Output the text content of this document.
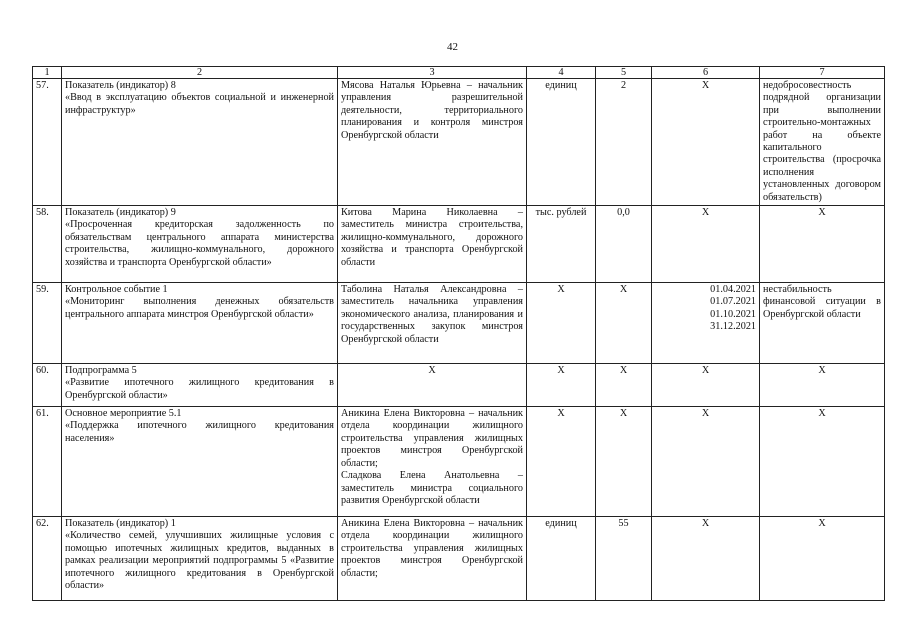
42
1	2	3	4	5	6	7
57.	Показатель (индикатор) 8
«Ввод в эксплуатацию объектов социальной и инженерной инфраструктур»	Мясова Наталья Юрьевна – начальник управления разрешительной деятельности, территориального планирования и контроля минстроя Оренбургской области	единиц	2	X	недобросовестность подрядной организации при выполнении строительно-монтажных работ на объекте капитального строительства (просрочка исполнения установленных договором обязательств)
58.	Показатель (индикатор) 9
«Просроченная кредиторская задолженность по обязательствам центрального аппарата министерства строительства, жилищно-коммунального, дорожного хозяйства и транспорта Оренбургской области»	Китова Марина Николаевна – заместитель министра строительства, жилищно-коммунального, дорожного хозяйства и транспорта Оренбургской области	тыс. рублей	0,0	X	X
59.	Контрольное событие 1
«Мониторинг выполнения денежных обязательств центрального аппарата минстроя Оренбургской области»	Таболина Наталья Александровна – заместитель начальника управления экономического анализа, планирования и государственных закупок минстроя Оренбургской области	X	X	01.04.2021
01.07.2021
01.10.2021
31.12.2021	нестабильность финансовой ситуации в Оренбургской области
60.	Подпрограмма 5
«Развитие ипотечного жилищного кредитования в Оренбургской области»	X	X	X	X	X
61.	Основное мероприятие 5.1
«Поддержка ипотечного жилищного кредитования населения»	Аникина Елена Викторовна – начальник отдела координации жилищного строительства управления жилищных проектов минстроя Оренбургской области;
Сладкова Елена Анатольевна – заместитель министра социального развития Оренбургской области	X	X	X	X
62.	Показатель (индикатор) 1
«Количество семей, улучшивших жилищные условия с помощью ипотечных жилищных кредитов, выданных в рамках реализации мероприятий подпрограммы 5 «Развитие ипотечного жилищного кредитования в Оренбургской области»	Аникина Елена Викторовна – начальник отдела координации жилищного строительства управления жилищных проектов минстроя Оренбургской области;	единиц	55	X	X
